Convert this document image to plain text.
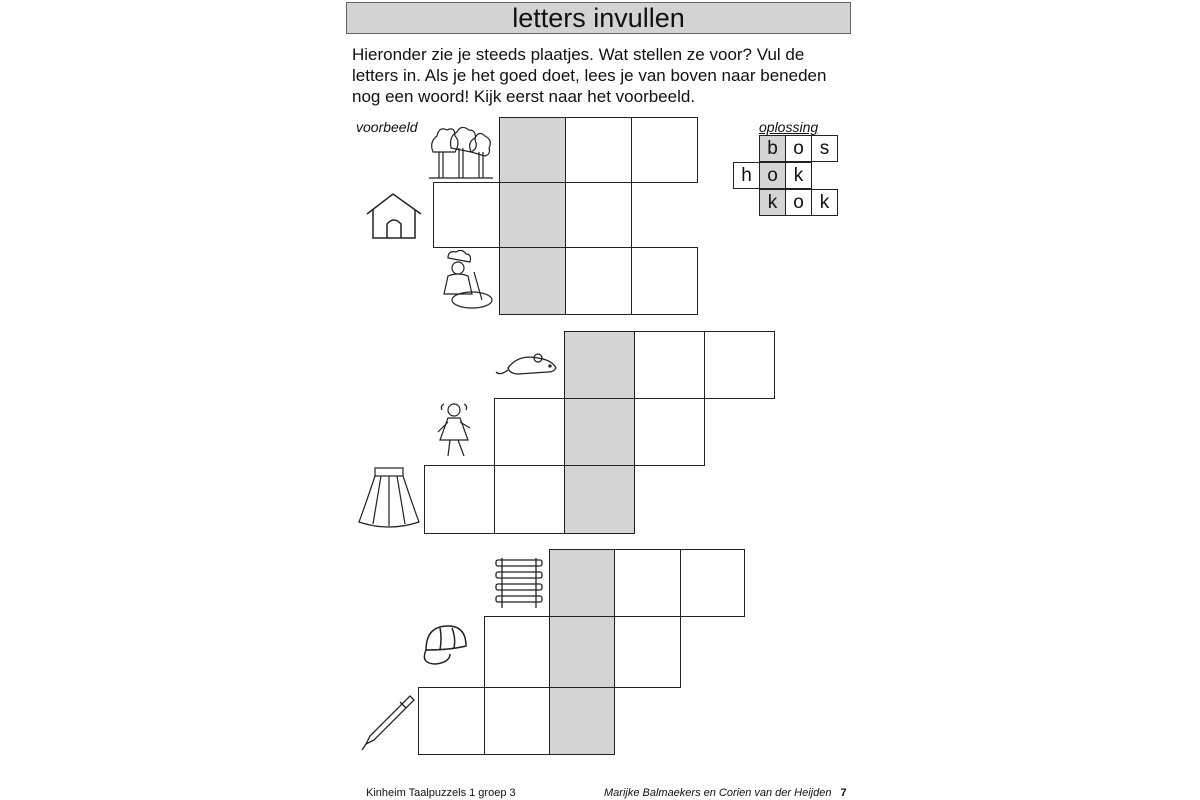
letters invullen
Hieronder zie je steeds plaatjes. Wat stellen ze voor? Vul de letters in. Als je het goed doet, lees je van boven naar beneden nog een woord! Kijk eerst naar het voorbeeld.
voorbeeld	oplossing
b o s
h o k
k o k
Kinheim Taalpuzzels 1 groep 3	Marijke Balmaekers en Corien van der Heijden 7
